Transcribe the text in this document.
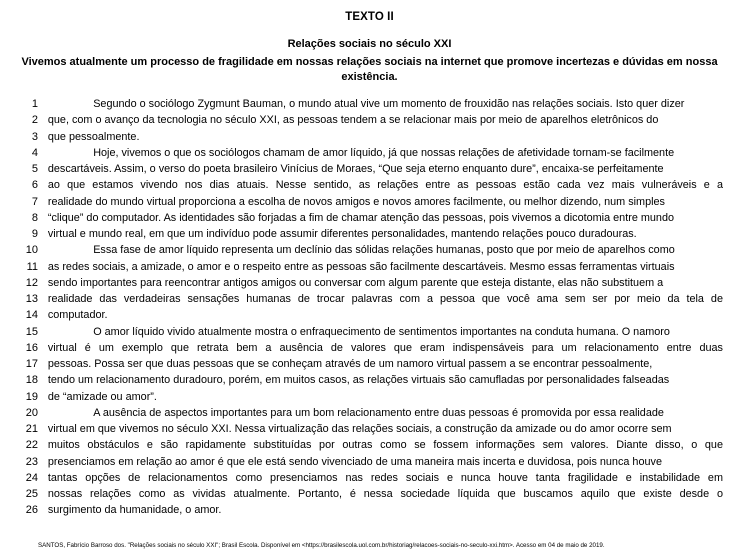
TEXTO II
Relações sociais no século XXI
Vivemos atualmente um processo de fragilidade em nossas relações sociais na internet que promove incertezas e dúvidas em nossa existência.
1	Segundo o sociólogo Zygmunt Bauman, o mundo atual vive um momento de frouxidão nas relações sociais. Isto quer dizer
2 que, com o avanço da tecnologia no século XXI, as pessoas tendem a se relacionar mais por meio de aparelhos eletrônicos do
3 que pessoalmente.
4	Hoje, vivemos o que os sociólogos chamam de amor líquido, já que nossas relações de afetividade tornam-se facilmente
5 descartáveis. Assim, o verso do poeta brasileiro Vinícius de Moraes, “Que seja eterno enquanto dure”, encaixa-se perfeitamente
6 ao que estamos vivendo nos dias atuais. Nesse sentido, as relações entre as pessoas estão cada vez mais vulneráveis e a
7 realidade do mundo virtual proporciona a escolha de novos amigos e novos amores facilmente, ou melhor dizendo, num simples
8 “clique” do computador. As identidades são forjadas a fim de chamar atenção das pessoas, pois vivemos a dicotomia entre mundo
9 virtual e mundo real, em que um indivíduo pode assumir diferentes personalidades, mantendo relações pouco duradouras.
10	Essa fase de amor líquido representa um declínio das sólidas relações humanas, posto que por meio de aparelhos como
11 as redes sociais, a amizade, o amor e o respeito entre as pessoas são facilmente descartáveis. Mesmo essas ferramentas virtuais
12 sendo importantes para reencontrar antigos amigos ou conversar com algum parente que esteja distante, elas não substituem a
13 realidade das verdadeiras sensações humanas de trocar palavras com a pessoa que você ama sem ser por meio da tela de
14 computador.
15	O amor líquido vivido atualmente mostra o enfraquecimento de sentimentos importantes na conduta humana. O namoro
16 virtual é um exemplo que retrata bem a ausência de valores que eram indispensáveis para um relacionamento entre duas
17 pessoas. Possa ser que duas pessoas que se conheçam através de um namoro virtual passem a se encontrar pessoalmente,
18 tendo um relacionamento duradouro, porém, em muitos casos, as relações virtuais são camufladas por personalidades falseadas
19 de “amizade ou amor”.
20	A ausência de aspectos importantes para um bom relacionamento entre duas pessoas é promovida por essa realidade
21 virtual em que vivemos no século XXI. Nessa virtualização das relações sociais, a construção da amizade ou do amor ocorre sem
22 muitos obstáculos e são rapidamente substituídas por outras como se fossem informações sem valores. Diante disso, o que
23 presenciamos em relação ao amor é que ele está sendo vivenciado de uma maneira mais incerta e duvidosa, pois nunca houve
24 tantas opções de relacionamentos como presenciamos nas redes sociais e nunca houve tanta fragilidade e instabilidade em
25 nossas relações como as vividas atualmente. Portanto, é nessa sociedade líquida que buscamos aquilo que existe desde o
26 surgimento da humanidade, o amor.
SANTOS, Fabrício Barroso dos. "Relações sociais no século XXI"; Brasil Escola. Disponível em <https://brasilescola.uol.com.br/historiag/relacoes-sociais-no-seculo-xxi.htm>. Acesso em 04 de maio de 2019.
